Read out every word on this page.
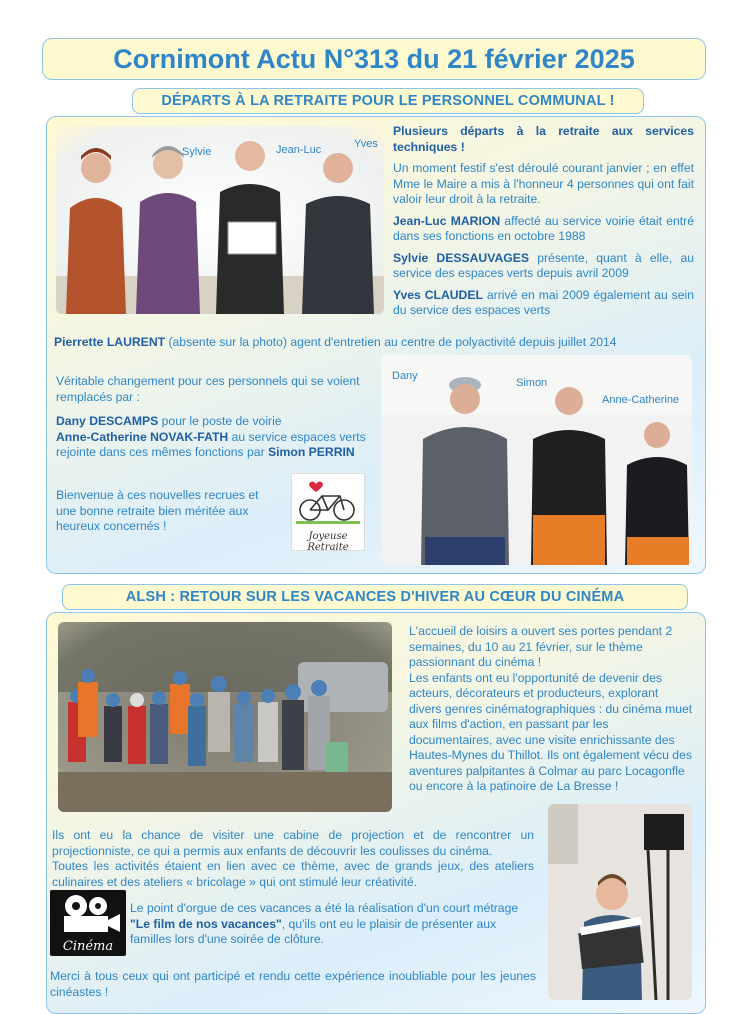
Cornimont Actu N°313 du 21 février 2025
DÉPARTS À LA RETRAITE POUR LE PERSONNEL COMMUNAL !
Sylvie	Jean-Luc	Yves

Plusieurs départs à la retraite aux services techniques !

Un moment festif s'est déroulé courant janvier ; en effet Mme le Maire a mis à l'honneur 4 personnes qui ont fait valoir leur droit à la retraite.

Jean-Luc MARION affecté au service voirie était entré dans ses fonctions en octobre 1988

Sylvie DESSAUVAGES présente, quant à elle, au service des espaces verts depuis avril 2009

Yves CLAUDEL arrivé en mai 2009 également au sein du service des espaces verts

Pierrette LAURENT (absente sur la photo) agent d'entretien au centre de polyactivité depuis juillet 2014

Véritable changement pour ces personnels qui se voient remplacés par :

Dany DESCAMPS pour le poste de voirie
Anne-Catherine NOVAK-FATH au service espaces verts rejointe dans ces mêmes fonctions par Simon PERRIN
Bienvenue à ces nouvelles recrues et une bonne retraite bien méritée aux heureux concernés !
Joyeuse Retraite
Dany
Simon
Anne-Catherine
ALSH : RETOUR SUR LES VACANCES D'HIVER AU CŒUR DU CINÉMA
L'accueil de loisirs a ouvert ses portes pendant 2 semaines, du 10 au 21 février, sur le thème passionnant du cinéma !
Les enfants ont eu l'opportunité de devenir des acteurs, décorateurs et producteurs, explorant divers genres cinématographiques : du cinéma muet aux films d'action, en passant par les documentaires, avec une visite enrichissante des Hautes-Mynes du Thillot. Ils ont également vécu des aventures palpitantes à Colmar au parc Locagonfle ou encore à la patinoire de La Bresse !
Ils ont eu la chance de visiter une cabine de projection et de rencontrer un projectionniste, ce qui a permis aux enfants de découvrir les coulisses du cinéma.
Toutes les activités étaient en lien avec ce thème, avec de grands jeux, des ateliers culinaires et des ateliers « bricolage » qui ont stimulé leur créativité.
Cinéma
Le point d'orgue de ces vacances a été la réalisation d'un court métrage "Le film de nos vacances", qu'ils ont eu le plaisir de présenter aux familles lors d'une soirée de clôture.
Merci à tous ceux qui ont participé et rendu cette expérience inoubliable pour les jeunes cinéastes !
